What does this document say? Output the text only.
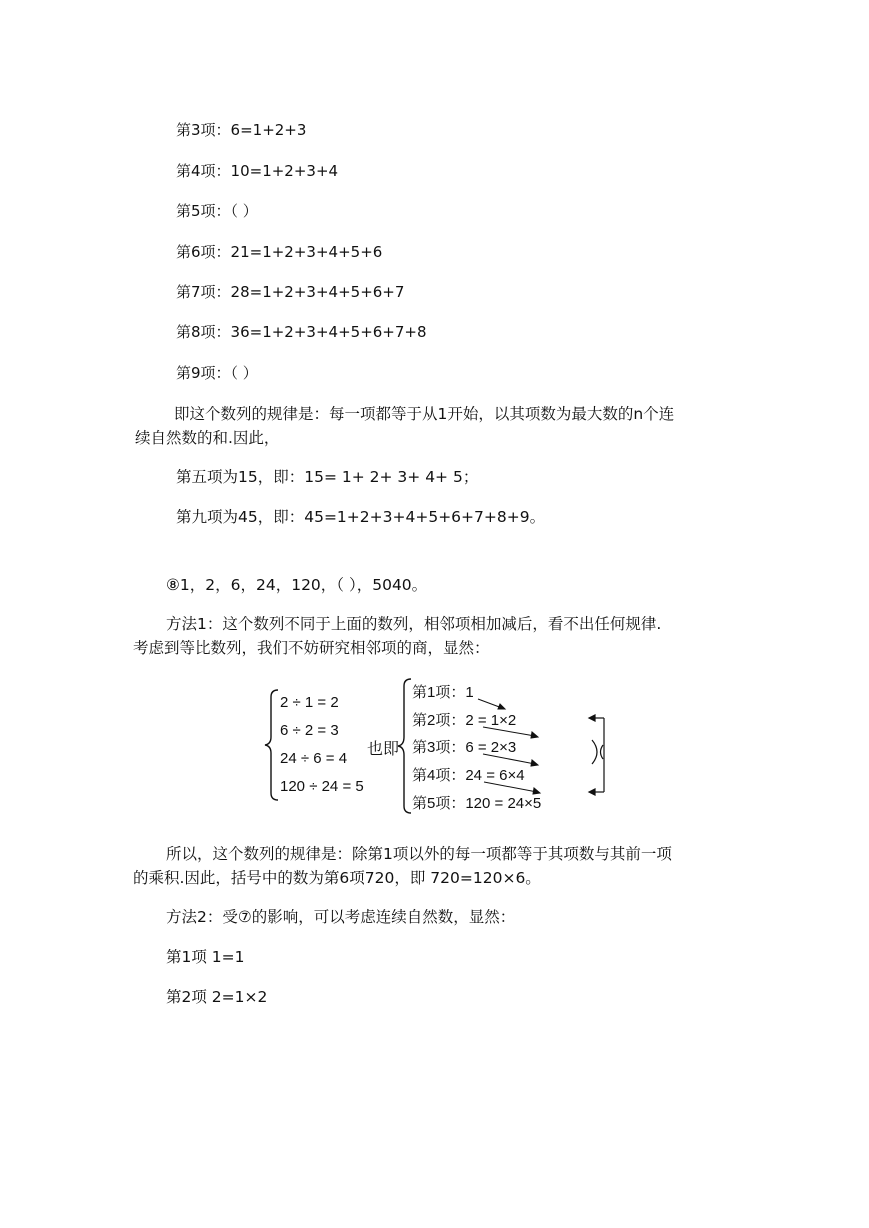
第3项：6=1+2+3
第4项：10=1+2+3+4
第5项：（ ）
第6项：21=1+2+3+4+5+6
第7项：28=1+2+3+4+5+6+7
第8项：36=1+2+3+4+5+6+7+8
第9项：（ ）
即这个数列的规律是：每一项都等于从1开始，以其项数为最大数的n个连
续自然数的和.因此，
第五项为15，即：15= 1+ 2+ 3+ 4+ 5；
第九项为45，即：45=1+2+3+4+5+6+7+8+9。
⑧1，2，6，24，120，（ ），5040。
方法1：这个数列不同于上面的数列，相邻项相加减后，看不出任何规律.
考虑到等比数列，我们不妨研究相邻项的商，显然：
2 ÷ 1 = 2
6 ÷ 2 = 3
24 ÷ 6 = 4
120 ÷ 24 = 5
也即
第1项：1
第2项：2 = 1×2
第3项：6 = 2×3
第4项：24 = 6×4
第5项：120 = 24×5
所以，这个数列的规律是：除第1项以外的每一项都等于其项数与其前一项
的乘积.因此，括号中的数为第6项720，即 720=120×6。
方法2：受⑦的影响，可以考虑连续自然数，显然：
第1项 1=1
第2项 2=1×2
